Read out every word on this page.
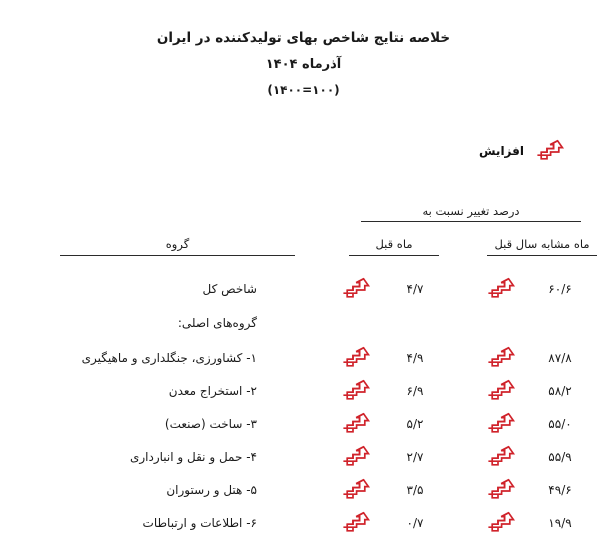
خلاصه نتایج شاخص بهای تولیدکننده در ایران
آذرماه ۱۴۰۴
(۱۴۰۰=۱۰۰)
افزایش
درصد تغییر نسبت به		

ماه مشابه سال قبل	ماه قبل	گروه

۶۰/۶	۴/۷	شاخص کل

		گروه‌های اصلی:

۸۷/۸	۴/۹	۱- کشاورزی، جنگلداری و ماهیگیری

۵۸/۲	۶/۹	۲- استخراج معدن

۵۵/۰	۵/۲	۳- ساخت (صنعت)

۵۵/۹	۲/۷	۴- حمل و نقل و انبارداری

۴۹/۶	۳/۵	۵- هتل و رستوران

۱۹/۹	۰/۷	۶- اطلاعات و ارتباطات
